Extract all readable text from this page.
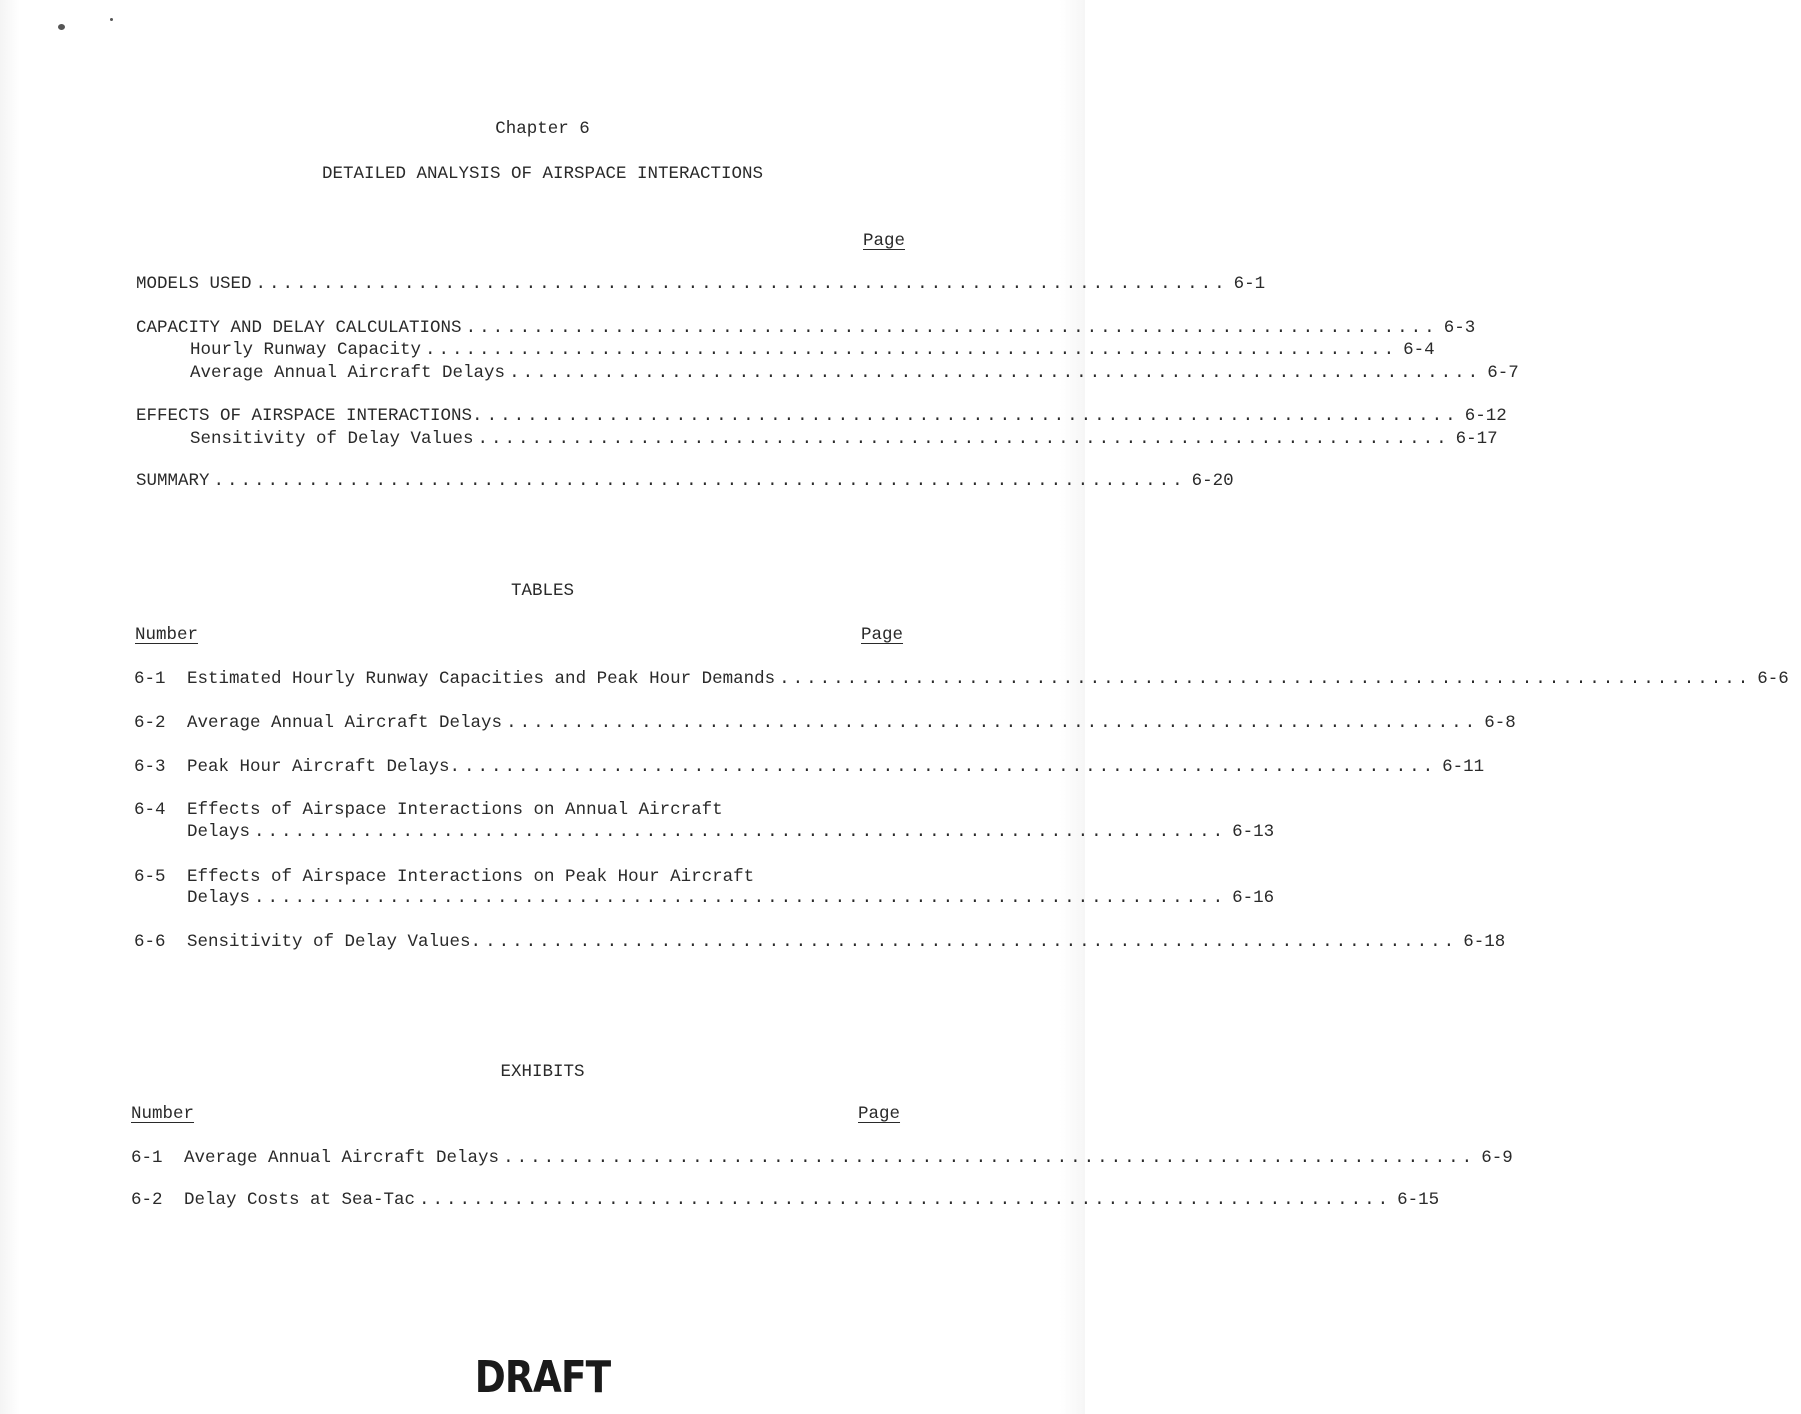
Chapter 6
DETAILED ANALYSIS OF AIRSPACE INTERACTIONS
Page
MODELS USED ........................................................................ 6-1
CAPACITY AND DELAY CALCULATIONS ........................................................................ 6-3
Hourly Runway Capacity ........................................................................ 6-4
Average Annual Aircraft Delays ........................................................................ 6-7
EFFECTS OF AIRSPACE INTERACTIONS. ........................................................................ 6-12
Sensitivity of Delay Values ........................................................................ 6-17
SUMMARY ........................................................................ 6-20
TABLES
Number	Page
6-1	Estimated Hourly Runway Capacities and Peak Hour Demands ........................................................................ 6-6
6-2	Average Annual Aircraft Delays ........................................................................ 6-8
6-3	Peak Hour Aircraft Delays. ........................................................................ 6-11
6-4	Effects of Airspace Interactions on Annual Aircraft
Delays ........................................................................ 6-13
6-5	Effects of Airspace Interactions on Peak Hour Aircraft
Delays ........................................................................ 6-16
6-6	Sensitivity of Delay Values. ........................................................................ 6-18
EXHIBITS
Number	Page
6-1	Average Annual Aircraft Delays ........................................................................ 6-9
6-2	Delay Costs at Sea-Tac ........................................................................ 6-15
DRAFT
